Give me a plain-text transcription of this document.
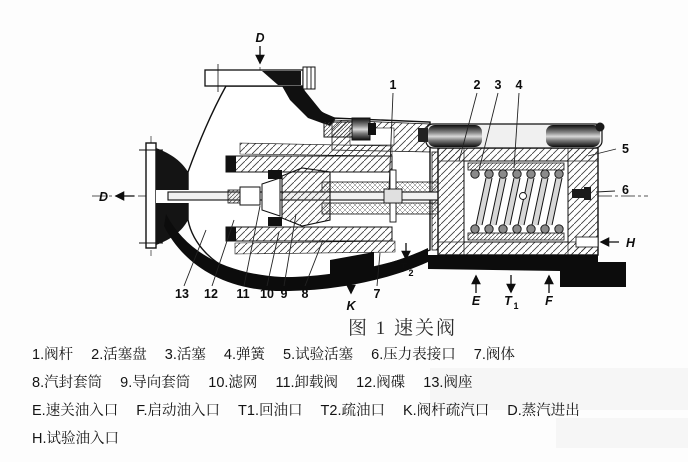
D
D
1	2 3 4
5
6
H
13 12 11 10 9 8	7
K	E	F
T 1
T 2
图 1 速关阀
1.阀杆 2.活塞盘 3.活塞 4.弹簧 5.试验活塞 6.压力表接口 7.阀体
8.汽封套筒 9.导向套筒 10.滤网 11.卸载阀 12.阀碟 13.阀座
E.速关油入口 F.启动油入口 T1.回油口 T2.疏油口 K.阀杆疏汽口 D.蒸汽进出
H.试验油入口
